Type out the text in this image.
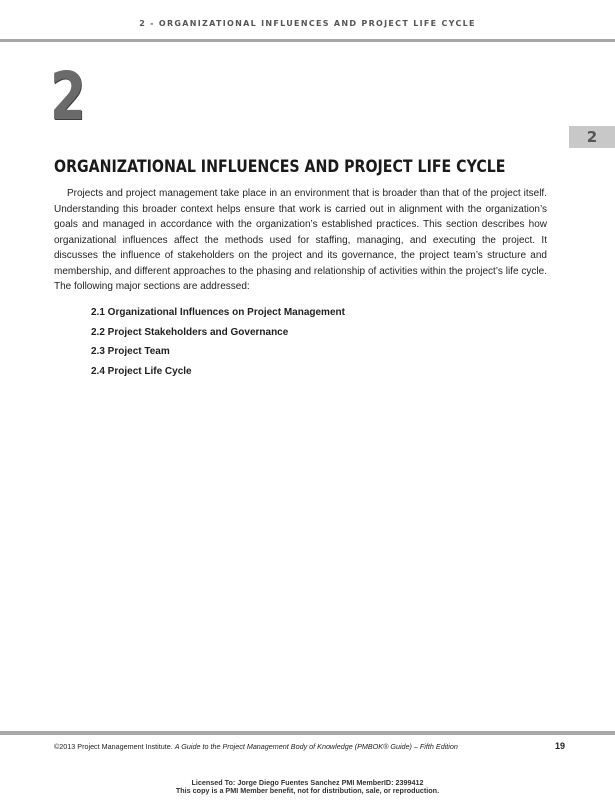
2 - ORGANIZATIONAL INFLUENCES AND PROJECT LIFE CYCLE
2
2
ORGANIZATIONAL INFLUENCES AND PROJECT LIFE CYCLE

Projects and project management take place in an environment that is broader than that of the project itself. Understanding this broader context helps ensure that work is carried out in alignment with the organization’s goals and managed in accordance with the organization’s established practices. This section describes how organizational influences affect the methods used for staffing, managing, and executing the project. It discusses the influence of stakeholders on the project and its governance, the project team’s structure and membership, and different approaches to the phasing and relationship of activities within the project’s life cycle. The following major sections are addressed:

2.1 Organizational Influences on Project Management
2.2 Project Stakeholders and Governance
2.3 Project Team
2.4 Project Life Cycle
©2013 Project Management Institute. A Guide to the Project Management Body of Knowledge (PMBOK® Guide) – Fifth Edition	19
Licensed To: Jorge Diego Fuentes Sanchez PMI MemberID: 2399412
This copy is a PMI Member benefit, not for distribution, sale, or reproduction.
